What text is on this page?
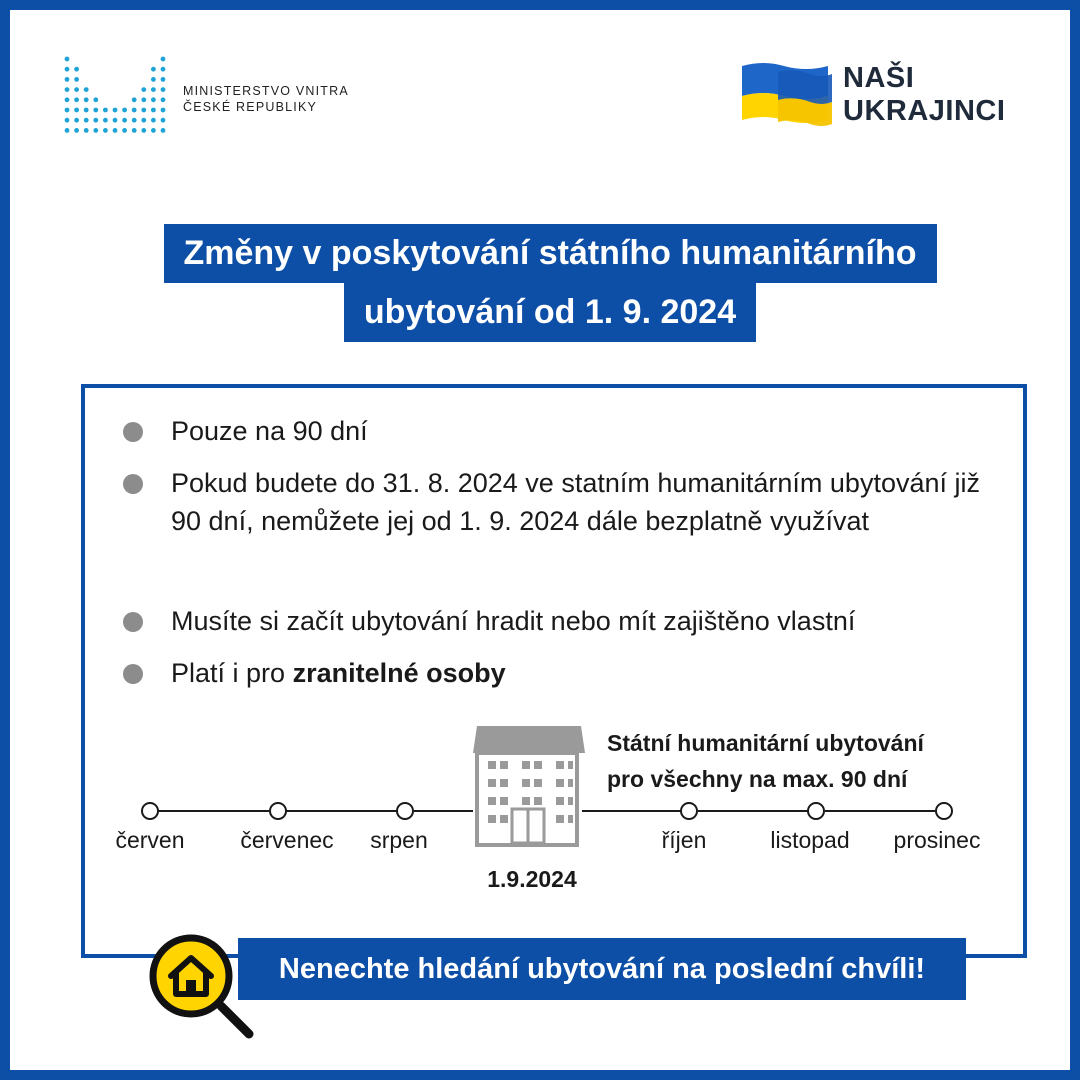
MINISTERSTVO VNITRA
ČESKÉ REPUBLIKY
NAŠI
UKRAJINCI
Změny v poskytování státního humanitárního
ubytování od 1. 9. 2024
Pouze na 90 dní
Pokud budete do 31. 8. 2024 ve statním humanitárním ubytování již 90 dní, nemůžete jej od 1. 9. 2024 dále bezplatně využívat
Musíte si začít ubytování hradit nebo mít zajištěno vlastní
Platí i pro zranitelné osoby
červen	červenec	srpen	říjen	listopad	prosinec
1.9.2024
Státní humanitární ubytování
pro všechny na max. 90 dní
Nenechte hledání ubytování na poslední chvíli!
